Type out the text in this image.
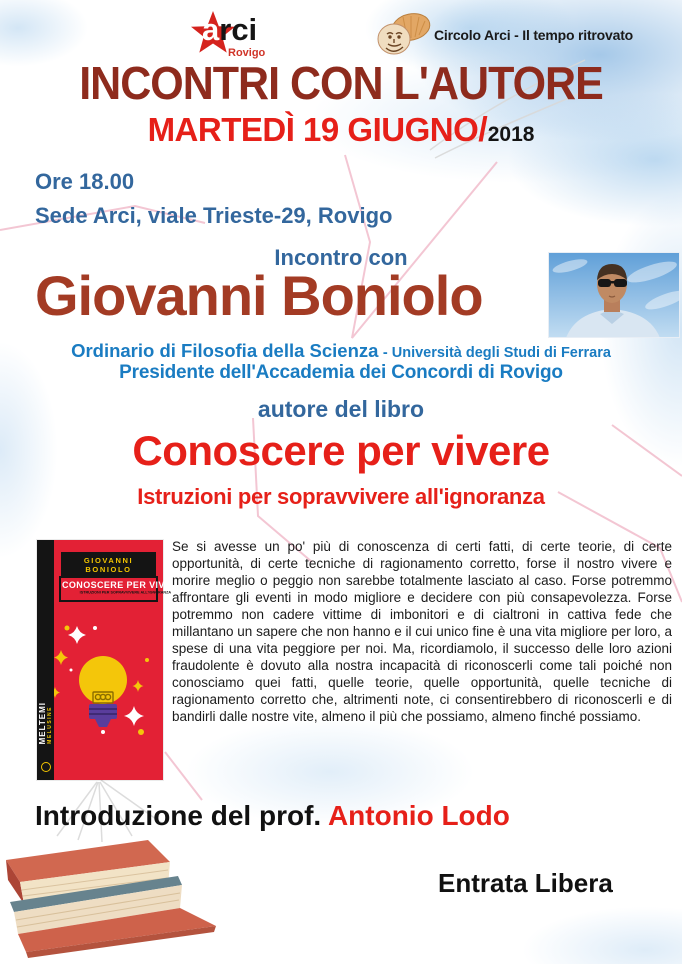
arci
Rovigo
Circolo Arci - Il tempo ritrovato
INCONTRI CON L'AUTORE
MARTEDÌ 19 GIUGNO/2018
Ore 18.00
Sede Arci, viale Trieste-29, Rovigo
Incontro con
Giovanni Boniolo
Ordinario di Filosofia della Scienza - Università degli Studi di Ferrara
Presidente dell'Accademia dei Concordi di Rovigo
autore del libro
Conoscere per vivere
Istruzioni per sopravvivere all'ignoranza
MELTEMI MELUSINE
GIOVANNI BONIOLO
CONOSCERE PER VIVERE
ISTRUZIONI PER SOPRAVVIVERE ALL'IGNORANZA
Se si avesse un po' più di conoscenza di certi fatti, di certe teorie, di certe opportunità, di certe tecniche di ragionamento corretto, forse il nostro vivere e morire meglio o peggio non sarebbe totalmente lasciato al caso. Forse potremmo affrontare gli eventi in modo migliore e decidere con più consapevolezza. Forse potremmo non cadere vittime di imbonitori e di cialtroni in cattiva fede che millantano un sapere che non hanno e il cui unico fine è una vita migliore per loro, a spese di una vita peggiore per noi. Ma, ricordiamolo, il successo delle loro azioni fraudolente è dovuto alla nostra incapacità di riconoscerli come tali poiché non conosciamo quei fatti, quelle teorie, quelle opportunità, quelle tecniche di ragionamento corretto che, altrimenti note, ci consentirebbero di riconoscerli e di bandirli dalle nostre vite, almeno il più che possiamo, almeno finché possiamo.
Introduzione del prof. Antonio Lodo
Entrata Libera
